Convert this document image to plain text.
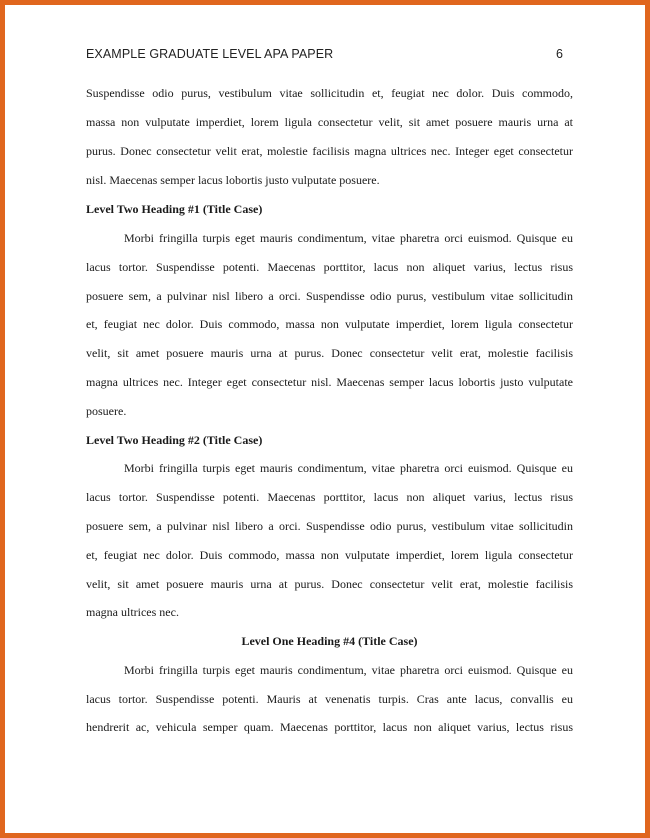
EXAMPLE GRADUATE LEVEL APA PAPER	6
Suspendisse odio purus, vestibulum vitae sollicitudin et, feugiat nec dolor. Duis commodo,
massa non vulputate imperdiet, lorem ligula consectetur velit, sit amet posuere mauris urna at
purus. Donec consectetur velit erat, molestie facilisis magna ultrices nec. Integer eget consectetur
nisl. Maecenas semper lacus lobortis justo vulputate posuere.
Level Two Heading #1 (Title Case)
Morbi fringilla turpis eget mauris condimentum, vitae pharetra orci euismod. Quisque eu
lacus tortor. Suspendisse potenti. Maecenas porttitor, lacus non aliquet varius, lectus risus
posuere sem, a pulvinar nisl libero a orci. Suspendisse odio purus, vestibulum vitae sollicitudin
et, feugiat nec dolor. Duis commodo, massa non vulputate imperdiet, lorem ligula consectetur
velit, sit amet posuere mauris urna at purus. Donec consectetur velit erat, molestie facilisis
magna ultrices nec. Integer eget consectetur nisl. Maecenas semper lacus lobortis justo vulputate
posuere.
Level Two Heading #2 (Title Case)
Morbi fringilla turpis eget mauris condimentum, vitae pharetra orci euismod. Quisque eu
lacus tortor. Suspendisse potenti. Maecenas porttitor, lacus non aliquet varius, lectus risus
posuere sem, a pulvinar nisl libero a orci. Suspendisse odio purus, vestibulum vitae sollicitudin
et, feugiat nec dolor. Duis commodo, massa non vulputate imperdiet, lorem ligula consectetur
velit, sit amet posuere mauris urna at purus. Donec consectetur velit erat, molestie facilisis
magna ultrices nec.
Level One Heading #4 (Title Case)
Morbi fringilla turpis eget mauris condimentum, vitae pharetra orci euismod. Quisque eu
lacus tortor. Suspendisse potenti. Mauris at venenatis turpis. Cras ante lacus, convallis eu
hendrerit ac, vehicula semper quam. Maecenas porttitor, lacus non aliquet varius, lectus risus
